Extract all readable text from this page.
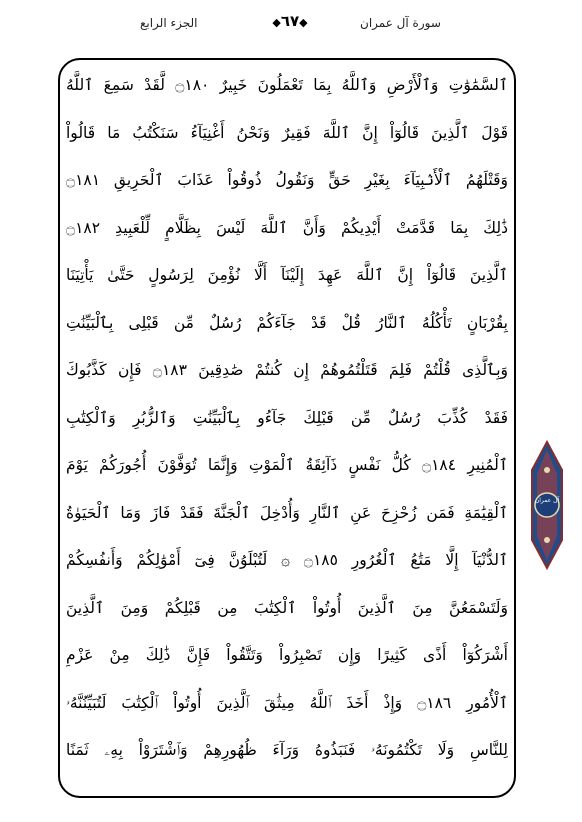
الجزء الرابع	◆٦٧◆	سورة آل عمران
ٱلسَّمَٰوَٰتِ وَٱلْأَرْضِ وَٱللَّهُ بِمَا تَعْمَلُونَ خَبِيرٌ ۝١٨٠ لَّقَدْ سَمِعَ ٱللَّهُ
قَوْلَ ٱلَّذِينَ قَالُوٓاْ إِنَّ ٱللَّهَ فَقِيرٌ وَنَحْنُ أَغْنِيَآءُ سَنَكْتُبُ مَا قَالُواْ
وَقَتْلَهُمُ ٱلْأَنۢبِيَآءَ بِغَيْرِ حَقٍّ وَنَقُولُ ذُوقُواْ عَذَابَ ٱلْحَرِيقِ ۝١٨١
ذَٰلِكَ بِمَا قَدَّمَتْ أَيْدِيكُمْ وَأَنَّ ٱللَّهَ لَيْسَ بِظَلَّامٍ لِّلْعَبِيدِ ۝١٨٢
ٱلَّذِينَ قَالُوٓاْ إِنَّ ٱللَّهَ عَهِدَ إِلَيْنَآ أَلَّا نُؤْمِنَ لِرَسُولٍ حَتَّىٰ يَأْتِيَنَا
بِقُرْبَانٍ تَأْكُلُهُ ٱلنَّارُ قُلْ قَدْ جَآءَكُمْ رُسُلٌ مِّن قَبْلِى بِٱلْبَيِّنَٰتِ
وَبِٱلَّذِى قُلْتُمْ فَلِمَ قَتَلْتُمُوهُمْ إِن كُنتُمْ صَٰدِقِينَ ۝١٨٣ فَإِن كَذَّبُوكَ
فَقَدْ كُذِّبَ رُسُلٌ مِّن قَبْلِكَ جَآءُو بِٱلْبَيِّنَٰتِ وَٱلزُّبُرِ وَٱلْكِتَٰبِ
ٱلْمُنِيرِ ۝١٨٤ كُلُّ نَفْسٍ ذَآئِقَةُ ٱلْمَوْتِ وَإِنَّمَا تُوَفَّوْنَ أُجُورَكُمْ يَوْمَ
ٱلْقِيَٰمَةِ فَمَن زُحْزِحَ عَنِ ٱلنَّارِ وَأُدْخِلَ ٱلْجَنَّةَ فَقَدْ فَازَ وَمَا ٱلْحَيَوٰةُ
ٱلدُّنْيَآ إِلَّا مَتَٰعُ ٱلْغُرُورِ ۝١٨٥ ۞ لَتُبْلَوُنَّ فِىٓ أَمْوَٰلِكُمْ وَأَنفُسِكُمْ
وَلَتَسْمَعُنَّ مِنَ ٱلَّذِينَ أُوتُواْ ٱلْكِتَٰبَ مِن قَبْلِكُمْ وَمِنَ ٱلَّذِينَ
أَشْرَكُوٓاْ أَذًى كَثِيرًا وَإِن تَصْبِرُواْ وَتَتَّقُواْ فَإِنَّ ذَٰلِكَ مِنْ عَزْمِ
ٱلْأُمُورِ ۝١٨٦ وَإِذْ أَخَذَ ٱللَّهُ مِيثَٰقَ ٱلَّذِينَ أُوتُواْ ٱلْكِتَٰبَ لَتُبَيِّنُنَّهُۥ
لِلنَّاسِ وَلَا تَكْتُمُونَهُۥ فَنَبَذُوهُ وَرَآءَ ظُهُورِهِمْ وَٱشْتَرَوْاْ بِهِۦ ثَمَنًا
آل عمران
